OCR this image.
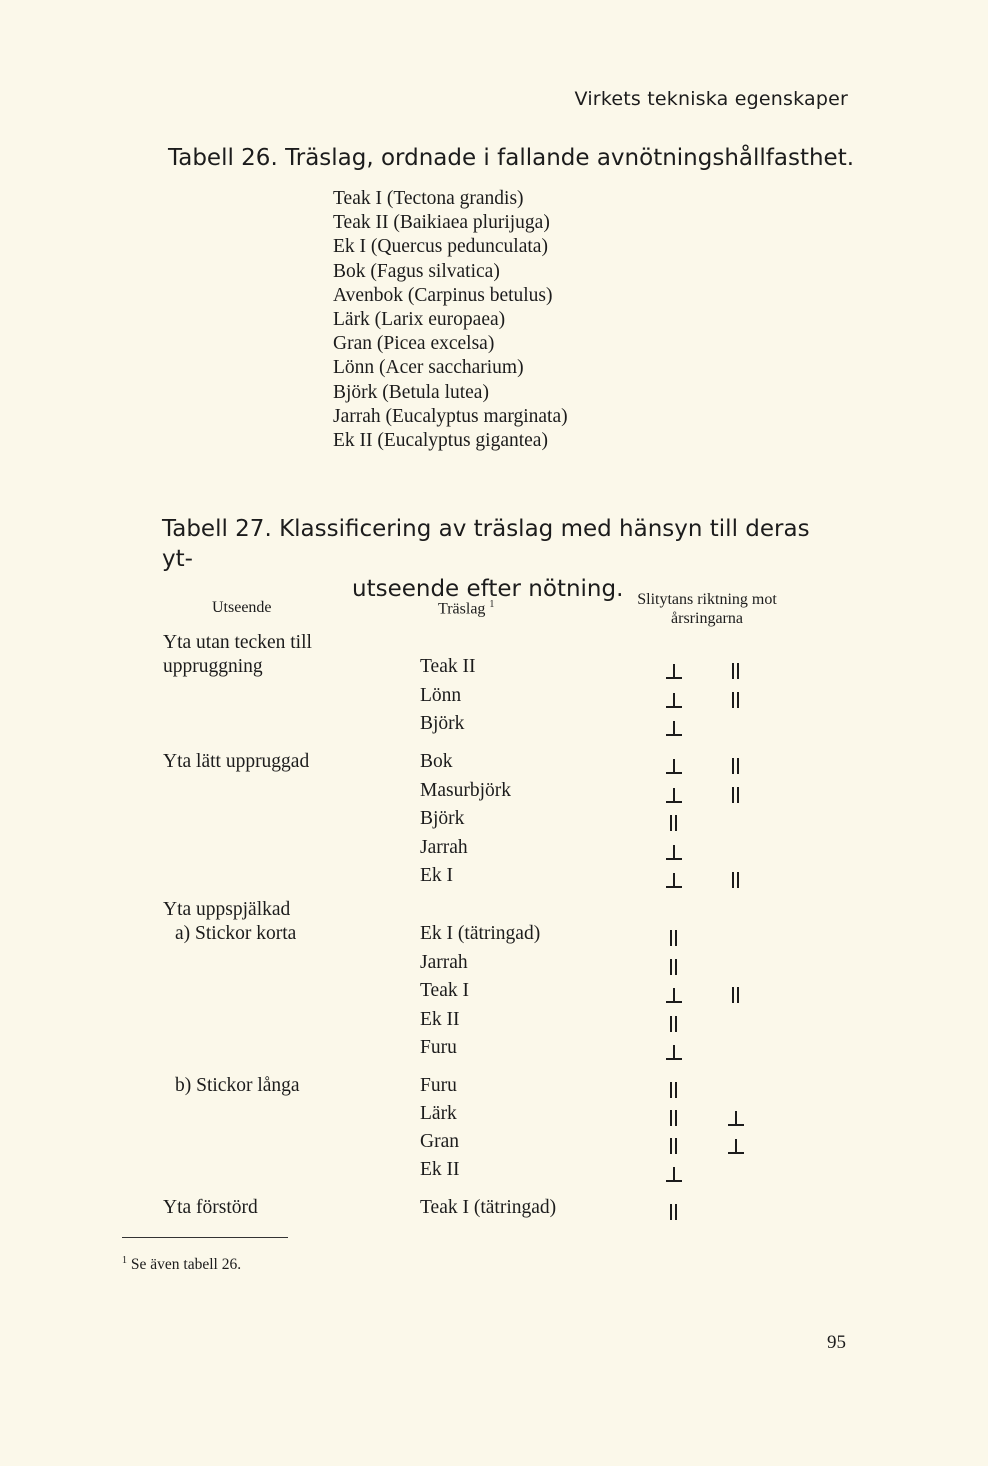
Virkets tekniska egenskaper
Tabell 26. Träslag, ordnade i fallande avnötningshållfasthet.
Teak I (Tectona grandis)
Teak II (Baikiaea plurijuga)
Ek I (Quercus pedunculata)
Bok (Fagus silvatica)
Avenbok (Carpinus betulus)
Lärk (Larix europaea)
Gran (Picea excelsa)
Lönn (Acer saccharium)
Björk (Betula lutea)
Jarrah (Eucalyptus marginata)
Ek II (Eucalyptus gigantea)
Tabell 27. Klassificering av träslag med hänsyn till deras yt-
utseende efter nötning.
Utseende	Träslag $^1$	Slitytans riktning mot
årsringarna
Yta utan tecken till
uppruggning
Yta lätt uppruggad
Yta uppspjälkad
a) Stickor korta
b) Stickor långa
Yta förstörd
Teak II
Lönn
Björk
Bok
Masurbjörk
Björk
Jarrah
Ek I
Ek I (tätringad)
Jarrah
Teak I
Ek II
Furu
Furu
Lärk
Gran
Ek II
Teak I (tätringad)
$^1$ Se även tabell 26.
95
